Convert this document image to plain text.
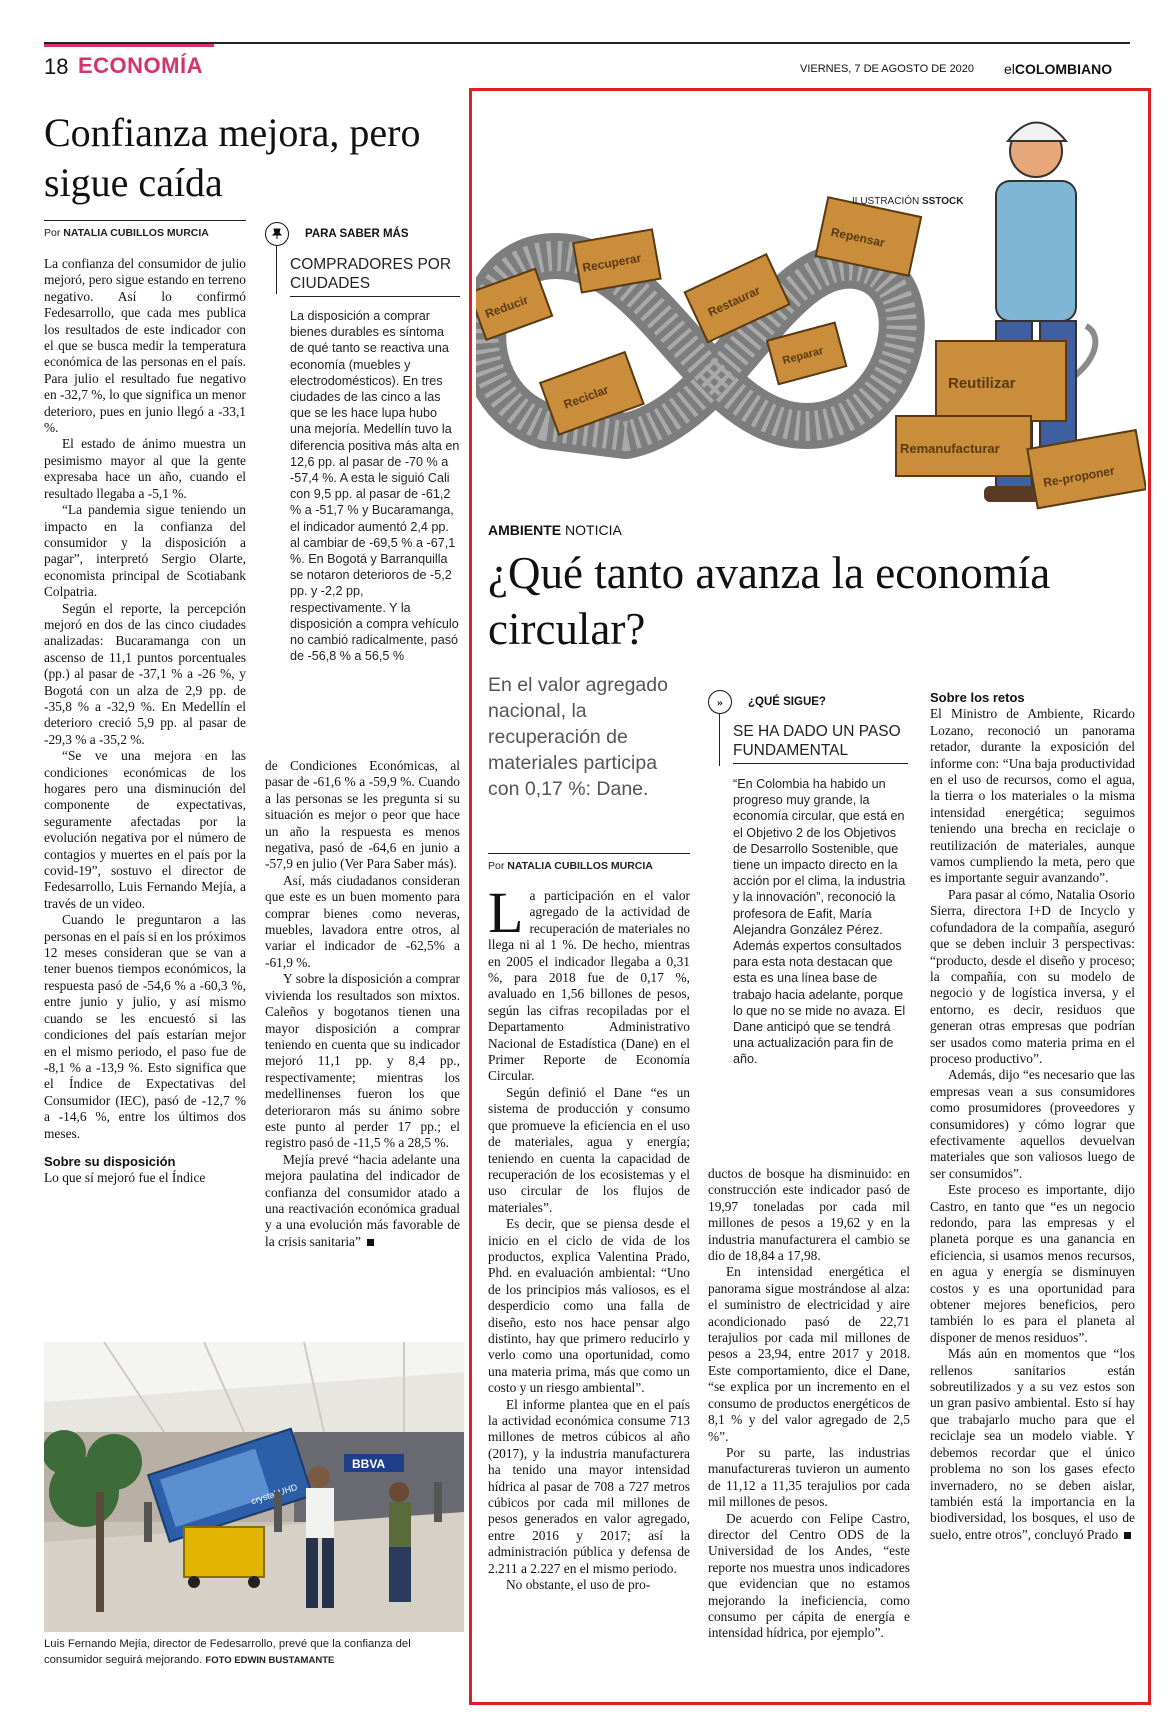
18 ECONOMÍA	VIERNES, 7 DE AGOSTO DE 2020 elCOLOMBIANO
Confianza mejora, pero sigue caída
Por NATALIA CUBILLOS MURCIA

La confianza del consumidor de julio mejoró, pero sigue estando en terreno negativo. Así lo confirmó Fedesarrollo, que cada mes publica los resultados de este indicador con el que se busca medir la temperatura económica de las personas en el país. Para julio el resultado fue negativo en -32,7 %, lo que significa un menor deterioro, pues en junio llegó a -33,1 %.

El estado de ánimo muestra un pesimismo mayor al que la gente expresaba hace un año, cuando el resultado llegaba a -5,1 %.

“La pandemia sigue teniendo un impacto en la confianza del consumidor y la disposición a pagar”, interpretó Sergio Olarte, economista principal de Scotiabank Colpatria.

Según el reporte, la percepción mejoró en dos de las cinco ciudades analizadas: Bucaramanga con un ascenso de 11,1 puntos porcentuales (pp.) al pasar de -37,1 % a -26 %, y Bogotá con un alza de 2,9 pp. de -35,8 % a -32,9 %. En Medellín el deterioro creció 5,9 pp. al pasar de -29,3 % a -35,2 %.

“Se ve una mejora en las condiciones económicas de los hogares pero una disminución del componente de expectativas, seguramente afectadas por la evolución negativa por el número de contagios y muertes en el país por la covid-19”, sostuvo el director de Fedesarrollo, Luis Fernando Mejía, a través de un video.

Cuando le preguntaron a las personas en el país si en los próximos 12 meses consideran que se van a tener buenos tiempos económicos, la respuesta pasó de -54,6 % a -60,3 %, entre junio y julio, y así mismo cuando se les encuestó si las condiciones del país estarían mejor en el mismo periodo, el paso fue de -8,1 % a -13,9 %. Esto significa que el Índice de Expectativas del Consumidor (IEC), pasó de -12,7 % a -14,6 %, entre los últimos dos meses.

Sobre su disposición

Lo que sí mejoró fue el Índice

PARA SABER MÁS
COMPRADORES POR CIUDADES

La disposición a comprar bienes durables es síntoma de qué tanto se reactiva una economía (muebles y electrodomésticos). En tres ciudades de las cinco a las que se les hace lupa hubo una mejoría. Medellín tuvo la diferencia positiva más alta en 12,6 pp. al pasar de -70 % a -57,4 %. A esta le siguió Cali con 9,5 pp. al pasar de -61,2 % a -51,7 % y Bucaramanga, el indicador aumentó 2,4 pp. al cambiar de -69,5 % a -67,1 %. En Bogotá y Barranquilla se notaron deterioros de -5,2 pp. y -2,2 pp, respectivamente. Y la disposición a compra vehículo no cambió radicalmente, pasó de -56,8 % a 56,5 %

de Condiciones Económicas, al pasar de -61,6 % a -59,9 %. Cuando a las personas se les pregunta si su situación es mejor o peor que hace un año la respuesta es menos negativa, pasó de -64,6 en junio a -57,9 en julio (Ver Para Saber más).

Así, más ciudadanos consideran que este es un buen momento para comprar bienes como neveras, muebles, lavadora entre otros, al variar el indicador de -62,5% a -61,9 %.

Y sobre la disposición a comprar vivienda los resultados son mixtos. Caleños y bogotanos tienen una mayor disposición a comprar teniendo en cuenta que su indicador mejoró 11,1 pp. y 8,4 pp., respectivamente; mientras los medellinenses fueron los que deterioraron más su ánimo sobre este punto al perder 17 pp.; el registro pasó de -11,5 % a 28,5 %.

Mejía prevé “hacia adelante una mejora paulatina del indicador de confianza del consumidor atado a una reactivación económica gradual y a una evolución más favorable de la crisis sanitaria”

BBVA
crystal UHD
Luis Fernando Mejía, director de Fedesarrollo, prevé que la confianza del consumidor seguirá mejorando. FOTO EDWIN BUSTAMANTE
Reducir
Recuperar
Restaurar
Reciclar
Reparar
Repensar
Reutilizar
Remanufacturar
Re-proponer
ILUSTRACIÓN SSTOCK
AMBIENTE NOTICIA
¿Qué tanto avanza la economía circular?
En el valor agregado nacional, la recuperación de materiales participa con 0,17 %: Dane.
Por NATALIA CUBILLOS MURCIA

La participación en el valor agregado de la actividad de recuperación de materiales no llega ni al 1 %. De hecho, mientras en 2005 el indicador llegaba a 0,31 %, para 2018 fue de 0,17 %, avaluado en 1,56 billones de pesos, según las cifras recopiladas por el Departamento Administrativo Nacional de Estadística (Dane) en el Primer Reporte de Economía Circular.

Según definió el Dane “es un sistema de producción y consumo que promueve la eficiencia en el uso de materiales, agua y energía; teniendo en cuenta la capacidad de recuperación de los ecosistemas y el uso circular de los flujos de materiales”.

Es decir, que se piensa desde el inicio en el ciclo de vida de los productos, explica Valentina Prado, Phd. en evaluación ambiental: “Uno de los principios más valiosos, es el desperdicio como una falla de diseño, esto nos hace pensar algo distinto, hay que primero reducirlo y verlo como una oportunidad, como una materia prima, más que como un costo y un riesgo ambiental”.

El informe plantea que en el país la actividad económica consume 713 millones de metros cúbicos al año (2017), y la industria manufacturera ha tenido una mayor intensidad hídrica al pasar de 708 a 727 metros cúbicos por cada mil millones de pesos generados en valor agregado, entre 2016 y 2017; así la administración pública y defensa de 2.211 a 2.227 en el mismo periodo.

No obstante, el uso de pro-

»	¿QUÉ SIGUE?
SE HA DADO UN PASO FUNDAMENTAL

“En Colombia ha habido un progreso muy grande, la economía circular, que está en el Objetivo 2 de los Objetivos de Desarrollo Sostenible, que tiene un impacto directo en la acción por el clima, la industria y la innovación”, reconoció la profesora de Eafit, María Alejandra González Pérez. Además expertos consultados para esta nota destacan que esta es una línea base de trabajo hacia adelante, porque lo que no se mide no avaza. El Dane anticipó que se tendrá una actualización para fin de año.

ductos de bosque ha disminuido: en construcción este indicador pasó de 19,97 toneladas por cada mil millones de pesos a 19,62 y en la industria manufacturera el cambio se dio de 18,84 a 17,98.

En intensidad energética el panorama sigue mostrándose al alza: el suministro de electricidad y aire acondicionado pasó de 22,71 terajulios por cada mil millones de pesos a 23,94, entre 2017 y 2018. Este comportamiento, dice el Dane, “se explica por un incremento en el consumo de productos energéticos de 8,1 % y del valor agregado de 2,5 %”.

Por su parte, las industrias manufactureras tuvieron un aumento de 11,12 a 11,35 terajulios por cada mil millones de pesos.

De acuerdo con Felipe Castro, director del Centro ODS de la Universidad de los Andes, “este reporte nos muestra unos indicadores que evidencian que no estamos mejorando la ineficiencia, como consumo per cápita de energía e intensidad hídrica, por ejemplo”.

Sobre los retos

El Ministro de Ambiente, Ricardo Lozano, reconoció un panorama retador, durante la exposición del informe con: “Una baja productividad en el uso de recursos, como el agua, la tierra o los materiales o la misma intensidad energética; seguimos teniendo una brecha en reciclaje o reutilización de materiales, aunque vamos cumpliendo la meta, pero que es importante seguir avanzando”.

Para pasar al cómo, Natalia Osorio Sierra, directora I+D de Incyclo y cofundadora de la compañía, aseguró que se deben incluir 3 perspectivas: “producto, desde el diseño y proceso; la compañía, con su modelo de negocio y de logística inversa, y el entorno, es decir, residuos que generan otras empresas que podrían ser usados como materia prima en el proceso productivo”.

Además, dijo “es necesario que las empresas vean a sus consumidores como prosumidores (proveedores y consumidores) y cómo lograr que efectivamente aquellos devuelvan materiales que son valiosos luego de ser consumidos”.

Este proceso es importante, dijo Castro, en tanto que “es un negocio redondo, para las empresas y el planeta porque es una ganancia en eficiencia, si usamos menos recursos, en agua y energía se disminuyen costos y es una oportunidad para obtener mejores beneficios, pero también lo es para el planeta al disponer de menos residuos”.

Más aún en momentos que “los rellenos sanitarios están sobreutilizados y a su vez estos son un gran pasivo ambiental. Esto sí hay que trabajarlo mucho para que el reciclaje sea un modelo viable. Y debemos recordar que el único problema no son los gases efecto invernadero, no se deben aislar, también está la importancia en la biodiversidad, los bosques, el uso de suelo, entre otros”, concluyó Prado
